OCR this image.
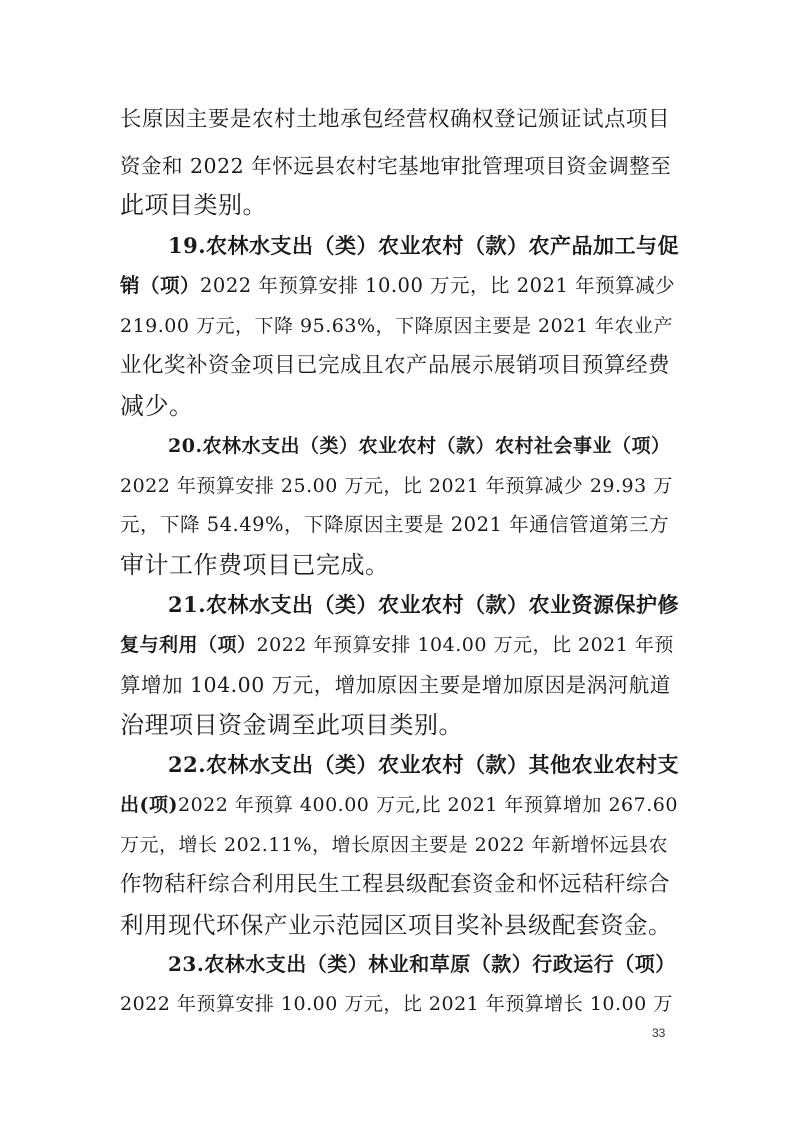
长原因主要是农村土地承包经营权确权登记颁证试点项目
资金和 2022 年怀远县农村宅基地审批管理项目资金调整至
此项目类别。
19.农林水支出（类）农业农村（款）农产品加工与促
销（项）2022 年预算安排 10.00 万元，比 2021 年预算减少
219.00 万元，下降 95.63%，下降原因主要是 2021 年农业产
业化奖补资金项目已完成且农产品展示展销项目预算经费
减少。
20.农林水支出（类）农业农村（款）农村社会事业（项）
2022 年预算安排 25.00 万元，比 2021 年预算减少 29.93 万
元，下降 54.49%，下降原因主要是 2021 年通信管道第三方
审计工作费项目已完成。
21.农林水支出（类）农业农村（款）农业资源保护修
复与利用（项）2022 年预算安排 104.00 万元，比 2021 年预
算增加 104.00 万元，增加原因主要是增加原因是涡河航道
治理项目资金调至此项目类别。
22.农林水支出（类）农业农村（款）其他农业农村支
出(项)2022 年预算 400.00 万元,比 2021 年预算增加 267.60
万元，增长 202.11%，增长原因主要是 2022 年新增怀远县农
作物秸秆综合利用民生工程县级配套资金和怀远秸秆综合
利用现代环保产业示范园区项目奖补县级配套资金。
23.农林水支出（类）林业和草原（款）行政运行（项）
2022 年预算安排 10.00 万元，比 2021 年预算增长 10.00 万
33
